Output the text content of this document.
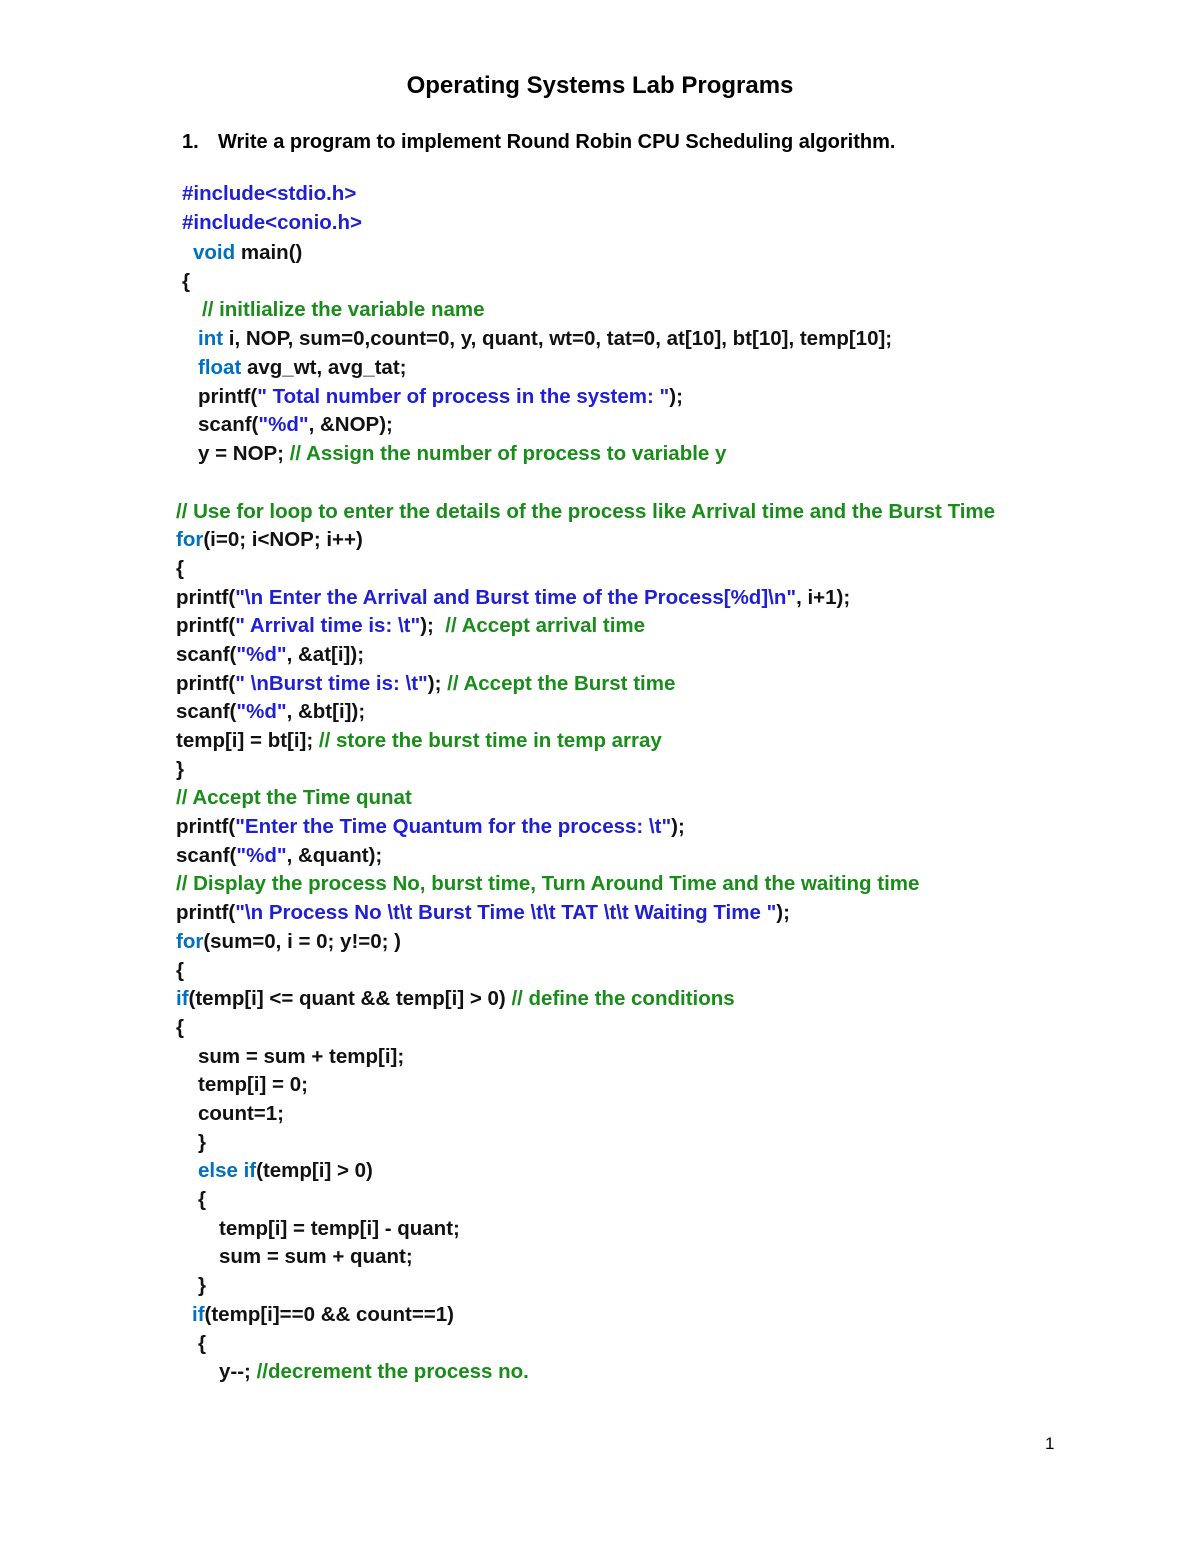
Operating Systems Lab Programs
1. Write a program to implement Round Robin CPU Scheduling algorithm.
#include<stdio.h>
#include<conio.h>
void main()
{
// initlialize the variable name
int i, NOP, sum=0,count=0, y, quant, wt=0, tat=0, at[10], bt[10], temp[10];
float avg_wt, avg_tat;
printf(" Total number of process in the system: ");
scanf("%d", &NOP);
y = NOP; // Assign the number of process to variable y
// Use for loop to enter the details of the process like Arrival time and the Burst Time
for(i=0; i<NOP; i++)
{
printf("\n Enter the Arrival and Burst time of the Process[%d]\n", i+1);
printf(" Arrival time is: \t");  // Accept arrival time
scanf("%d", &at[i]);
printf(" \nBurst time is: \t"); // Accept the Burst time
scanf("%d", &bt[i]);
temp[i] = bt[i]; // store the burst time in temp array
}
// Accept the Time qunat
printf("Enter the Time Quantum for the process: \t");
scanf("%d", &quant);
// Display the process No, burst time, Turn Around Time and the waiting time
printf("\n Process No \t\t Burst Time \t\t TAT \t\t Waiting Time ");
for(sum=0, i = 0; y!=0; )
{
if(temp[i] <= quant && temp[i] > 0) // define the conditions
{
sum = sum + temp[i];
temp[i] = 0;
count=1;
}
else if(temp[i] > 0)
{
temp[i] = temp[i] - quant;
sum = sum + quant;
}
if(temp[i]==0 && count==1)
{
y--; //decrement the process no.
1
